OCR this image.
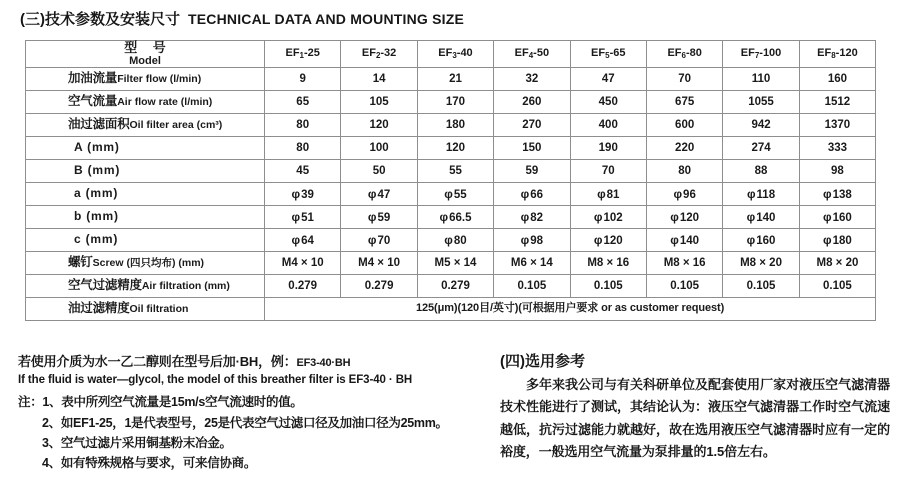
(三)技术参数及安装尺寸 TECHNICAL DATA AND MOUNTING SIZE
型 号
Model	$EF_1-25$	$EF_2-32$	$EF_3-40$	$EF_4-50$	$EF_5-65$	$EF_6-80$	$EF_7-100$	$EF_8-120$
加油流量Filter flow (l/min)	9	14	21	32	47	70	110	160
空气流量Air flow rate (l/min)	65	105	170	260	450	675	1055	1512
油过滤面积Oil filter area (cm³)	80	120	180	270	400	600	942	1370
A (mm)	80	100	120	150	190	220	274	333
B (mm)	45	50	55	59	70	80	88	98
a (mm)	φ39	φ47	φ55	φ66	φ81	φ96	φ118	φ138
b (mm)	φ51	φ59	φ66.5	φ82	φ102	φ120	φ140	φ160
c (mm)	φ64	φ70	φ80	φ98	φ120	φ140	φ160	φ180
螺钉Screw (四只均布) (mm)	M4 × 10	M4 × 10	M5 × 14	M6 × 14	M8 × 16	M8 × 16	M8 × 20	M8 × 20
空气过滤精度Air filtration (mm)	0.279	0.279	0.279	0.105	0.105	0.105	0.105	0.105
油过滤精度Oil filtration	125(μm)(120目/英寸)(可根据用户要求 or as customer request)							
若使用介质为水一乙二醇则在型号后加·BH，例：EF3-40·BH
If the fluid is water—glycol, the model of this breather filter is EF3-40 · BH
注：1、表中所列空气流量是15m/s空气流速时的值。
2、如EF1-25，1是代表型号，25是代表空气过滤口径及加油口径为25mm。
3、空气过滤片采用铜基粉末冶金。
4、如有特殊规格与要求，可来信协商。
(四)选用参考
多年来我公司与有关科研单位及配套使用厂家对液压空气滤清器技术性能进行了测试，其结论认为：液压空气滤清器工作时空气流速越低，抗污过滤能力就越好，故在选用液压空气滤清器时应有一定的裕度，一般选用空气流量为泵排量的1.5倍左右。
